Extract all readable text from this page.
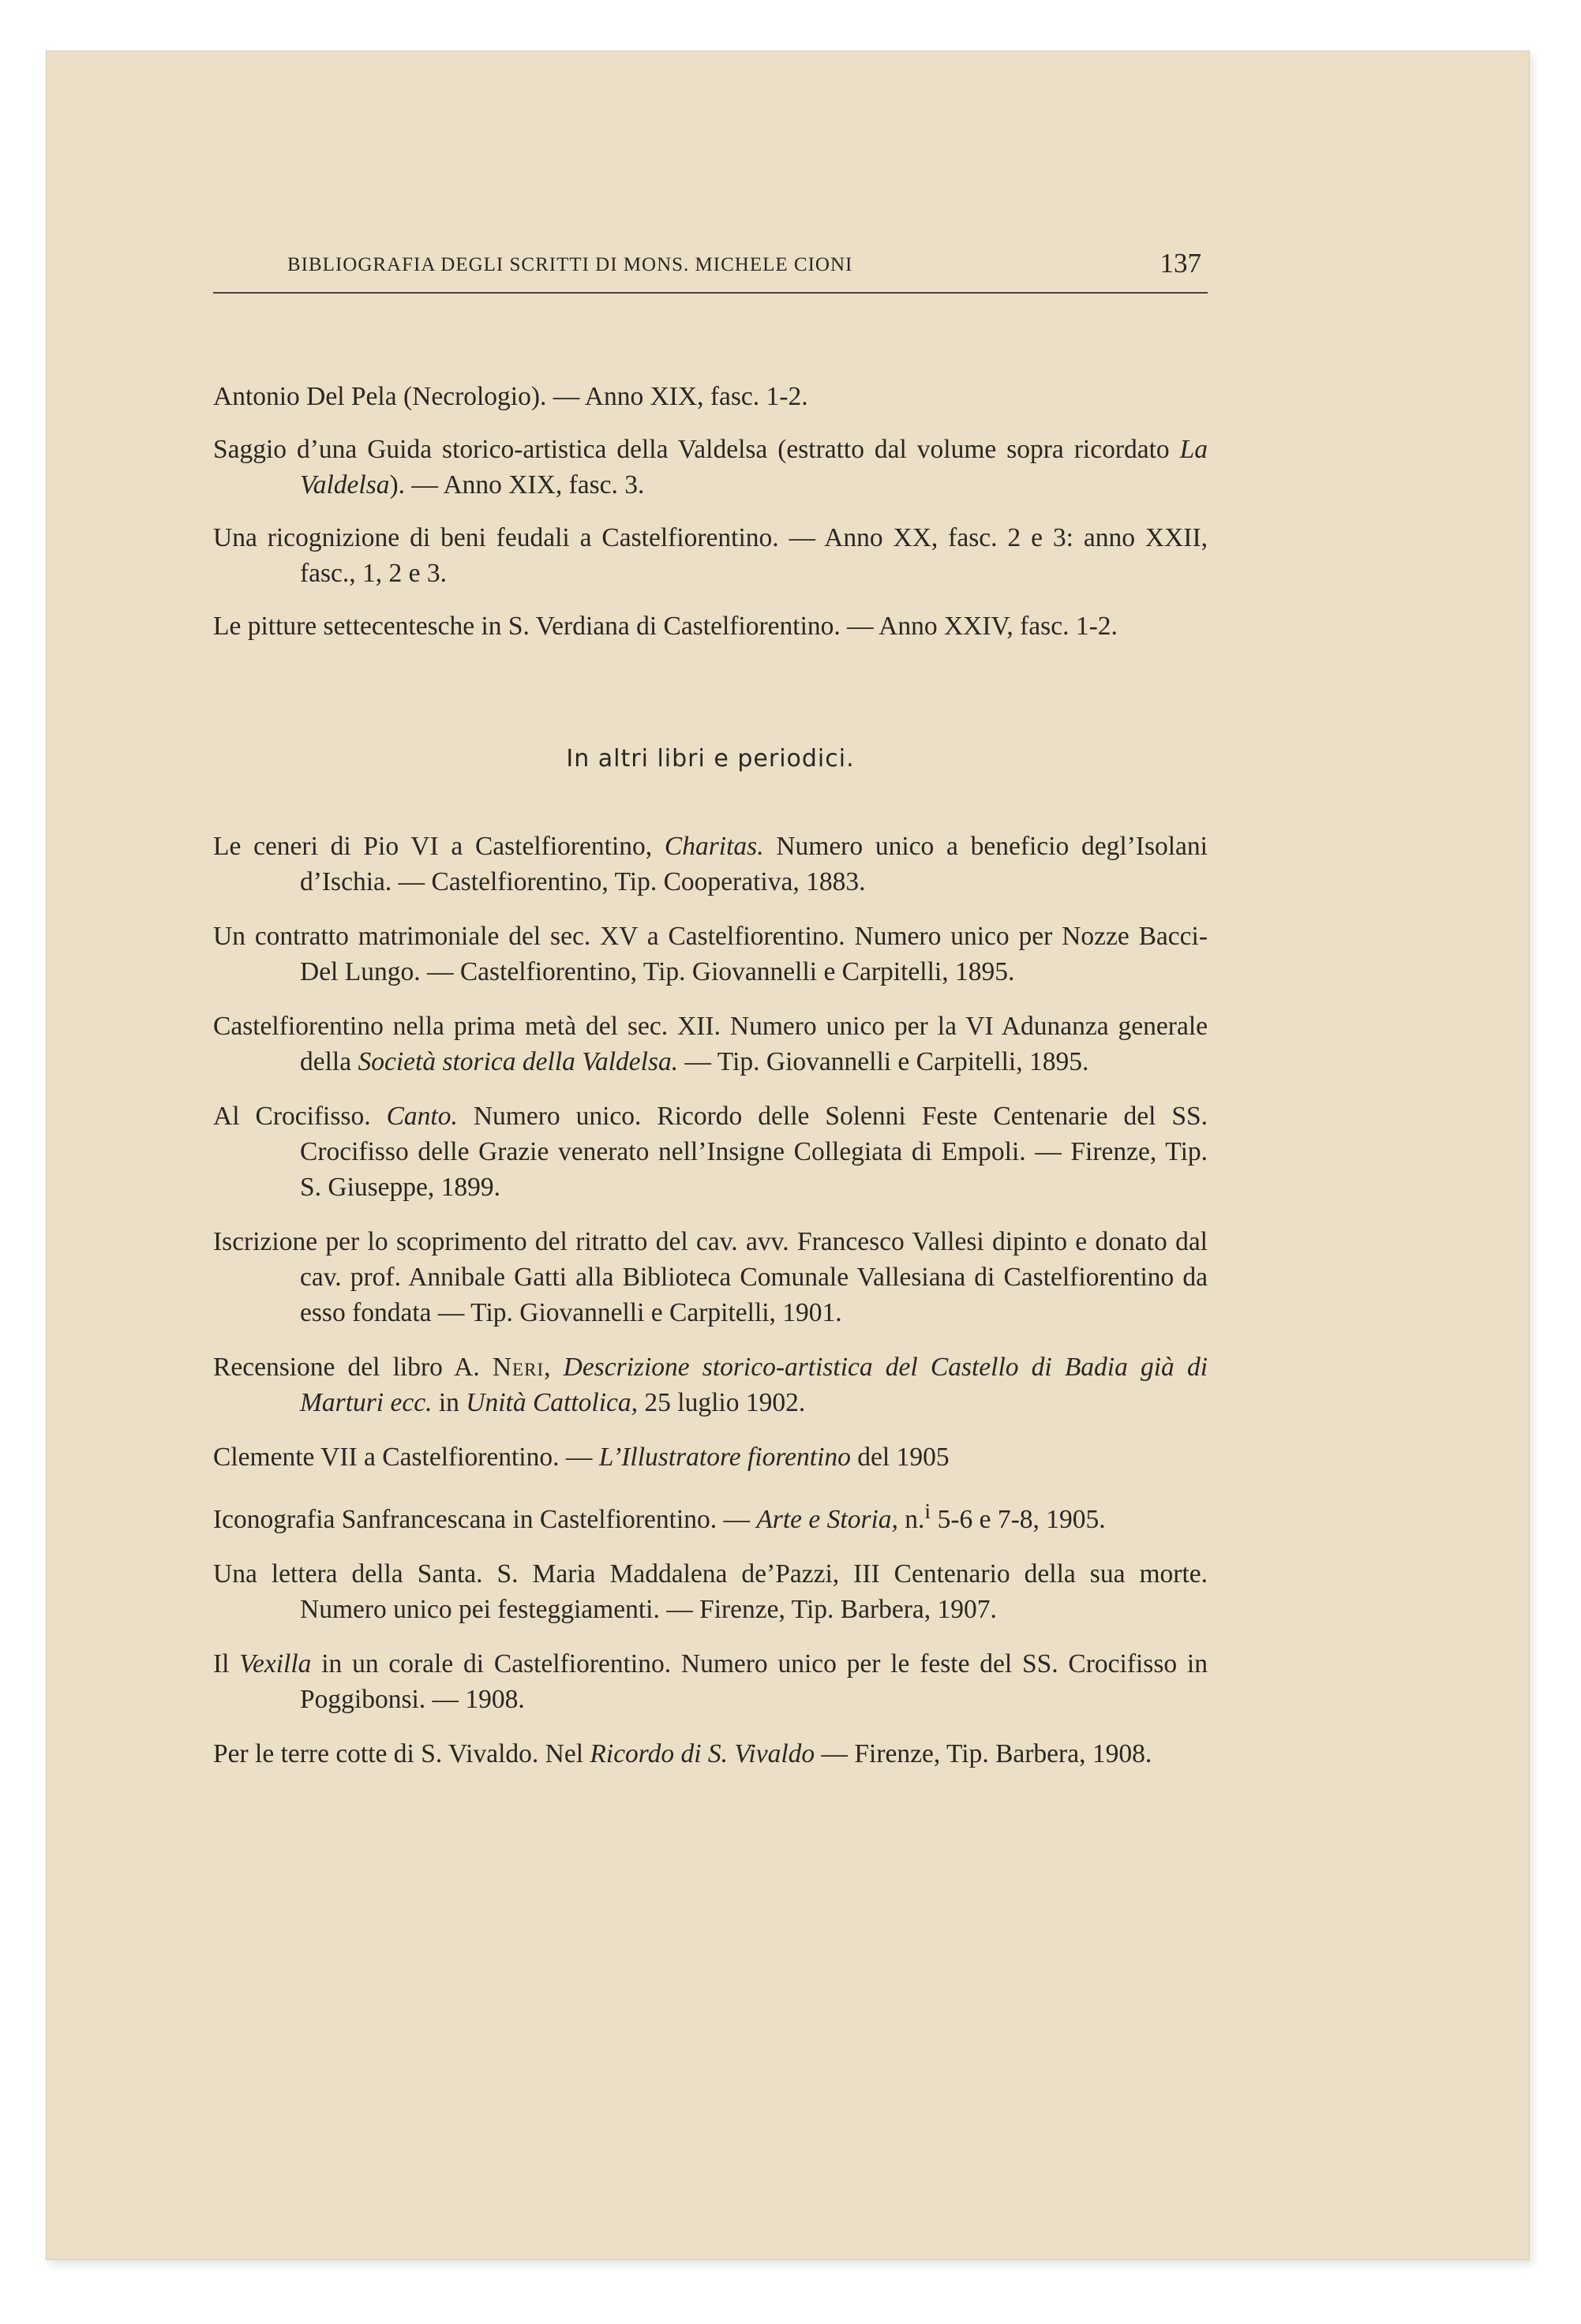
BIBLIOGRAFIA DEGLI SCRITTI DI MONS. MICHELE CIONI	137

Antonio Del Pela (Necrologio). — Anno XIX, fasc. 1-2.

Saggio d’una Guida storico-artistica della Valdelsa (estratto dal volume sopra ricordato La Valdelsa). — Anno XIX, fasc. 3.

Una ricognizione di beni feudali a Castelfiorentino. — Anno XX, fasc. 2 e 3: anno XXII, fasc., 1, 2 e 3.

Le pitture settecentesche in S. Verdiana di Castelfiorentino. — Anno XXIV, fasc. 1-2.

In altri libri e periodici.

Le ceneri di Pio VI a Castelfiorentino, Charitas. Numero unico a beneficio degl’Isolani d’Ischia. — Castelfiorentino, Tip. Cooperativa, 1883.

Un contratto matrimoniale del sec. XV a Castelfiorentino. Numero unico per Nozze Bacci-Del Lungo. — Castelfiorentino, Tip. Giovannelli e Carpitelli, 1895.

Castelfiorentino nella prima metà del sec. XII. Numero unico per la VI Adunanza generale della Società storica della Valdelsa. — Tip. Giovannelli e Carpitelli, 1895.

Al Crocifisso. Canto. Numero unico. Ricordo delle Solenni Feste Centenarie del SS. Crocifisso delle Grazie venerato nell’Insigne Collegiata di Empoli. — Firenze, Tip. S. Giuseppe, 1899.

Iscrizione per lo scoprimento del ritratto del cav. avv. Francesco Vallesi dipinto e donato dal cav. prof. Annibale Gatti alla Biblioteca Comunale Vallesiana di Castelfiorentino da esso fondata — Tip. Giovannelli e Carpitelli, 1901.

Recensione del libro A. Neri, Descrizione storico-artistica del Castello di Badia già di Marturi ecc. in Unità Cattolica, 25 luglio 1902.

Clemente VII a Castelfiorentino. — L’Illustratore fiorentino del 1905

Iconografia Sanfrancescana in Castelfiorentino. — Arte e Storia, n.$^i$ 5-6 e 7-8, 1905.

Una lettera della Santa. S. Maria Maddalena de’Pazzi, III Centenario della sua morte. Numero unico pei festeggiamenti. — Firenze, Tip. Barbera, 1907.

Il Vexilla in un corale di Castelfiorentino. Numero unico per le feste del SS. Crocifisso in Poggibonsi. — 1908.

Per le terre cotte di S. Vivaldo. Nel Ricordo di S. Vivaldo — Firenze, Tip. Barbera, 1908.
